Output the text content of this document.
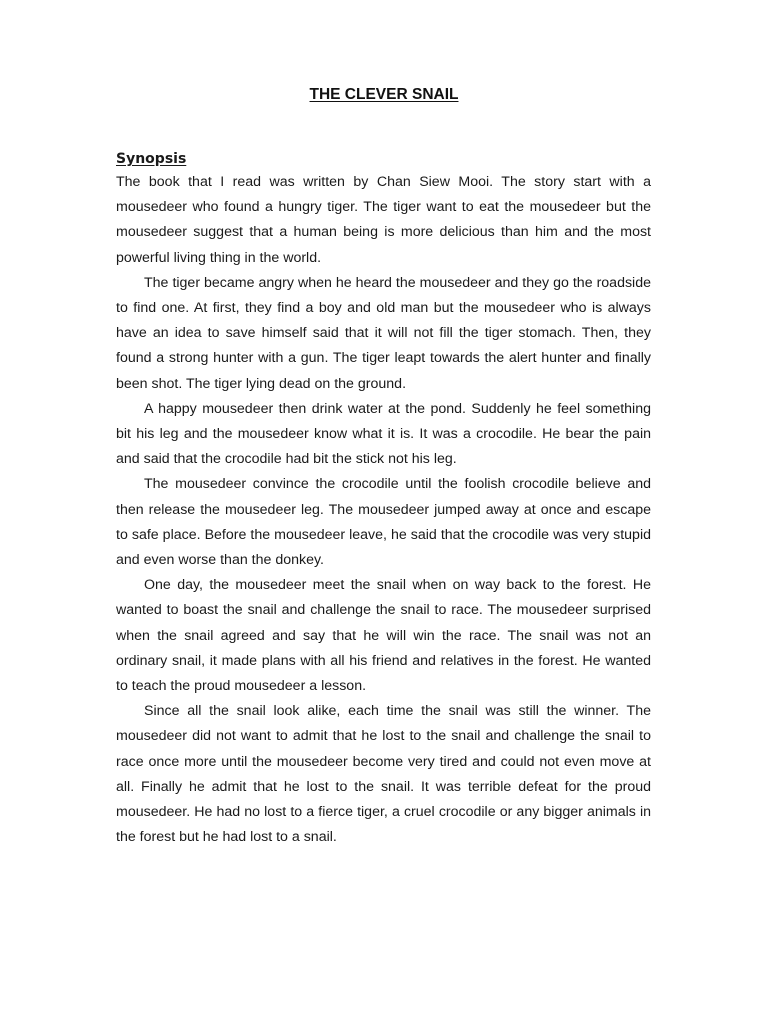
THE CLEVER SNAIL
Synopsis

The book that I read was written by Chan Siew Mooi. The story start with a mousedeer who found a hungry tiger. The tiger want to eat the mousedeer but the mousedeer suggest that a human being is more delicious than him and the most powerful living thing in the world.

The tiger became angry when he heard the mousedeer and they go the roadside to find one. At first, they find a boy and old man but the mousedeer who is always have an idea to save himself said that it will not fill the tiger stomach. Then, they found a strong hunter with a gun. The tiger leapt towards the alert hunter and finally been shot. The tiger lying dead on the ground.

A happy mousedeer then drink water at the pond. Suddenly he feel something bit his leg and the mousedeer know what it is. It was a crocodile. He bear the pain and said that the crocodile had bit the stick not his leg.

The mousedeer convince the crocodile until the foolish crocodile believe and then release the mousedeer leg. The mousedeer jumped away at once and escape to safe place. Before the mousedeer leave, he said that the crocodile was very stupid and even worse than the donkey.

One day, the mousedeer meet the snail when on way back to the forest. He wanted to boast the snail and challenge the snail to race. The mousedeer surprised when the snail agreed and say that he will win the race. The snail was not an ordinary snail, it made plans with all his friend and relatives in the forest. He wanted to teach the proud mousedeer a lesson.

Since all the snail look alike, each time the snail was still the winner. The mousedeer did not want to admit that he lost to the snail and challenge the snail to race once more until the mousedeer become very tired and could not even move at all. Finally he admit that he lost to the snail. It was terrible defeat for the proud mousedeer. He had no lost to a fierce tiger, a cruel crocodile or any bigger animals in the forest but he had lost to a snail.
